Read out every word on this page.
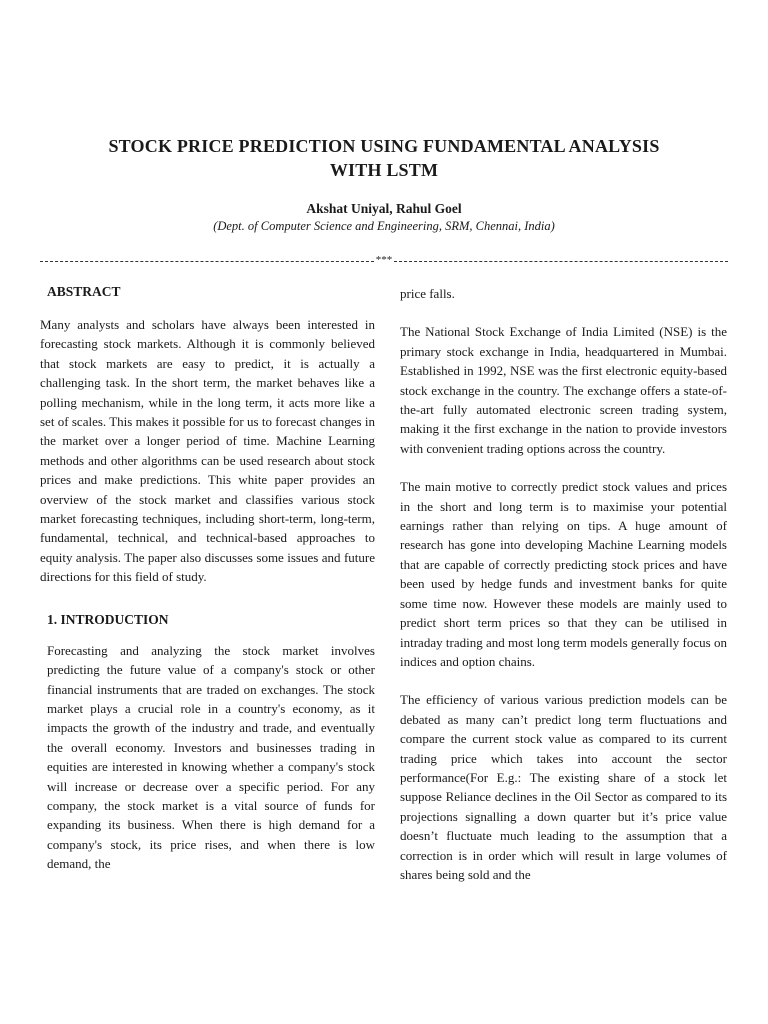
STOCK PRICE PREDICTION USING FUNDAMENTAL ANALYSIS
WITH LSTM

Akshat Uniyal, Rahul Goel

(Dept. of Computer Science and Engineering, SRM, Chennai, India)

***
ABSTRACT

Many analysts and scholars have always been interested in forecasting stock markets. Although it is commonly believed that stock markets are easy to predict, it is actually a challenging task. In the short term, the market behaves like a polling mechanism, while in the long term, it acts more like a set of scales. This makes it possible for us to forecast changes in the market over a longer period of time. Machine Learning methods and other algorithms can be used research about stock prices and make predictions. This white paper provides an overview of the stock market and classifies various stock market forecasting techniques, including short-term, long-term, fundamental, technical, and technical-based approaches to equity analysis. The paper also discusses some issues and future directions for this field of study.

1. INTRODUCTION

Forecasting and analyzing the stock market involves predicting the future value of a company's stock or other financial instruments that are traded on exchanges. The stock market plays a crucial role in a country's economy, as it impacts the growth of the industry and trade, and eventually the overall economy. Investors and businesses trading in equities are interested in knowing whether a company's stock will increase or decrease over a specific period. For any company, the stock market is a vital source of funds for expanding its business. When there is high demand for a company's stock, its price rises, and when there is low demand, the

price falls.

The National Stock Exchange of India Limited (NSE) is the primary stock exchange in India, headquartered in Mumbai. Established in 1992, NSE was the first electronic equity-based stock exchange in the country. The exchange offers a state-of-the-art fully automated electronic screen trading system, making it the first exchange in the nation to provide investors with convenient trading options across the country.

The main motive to correctly predict stock values and prices in the short and long term is to maximise your potential earnings rather than relying on tips. A huge amount of research has gone into developing Machine Learning models that are capable of correctly predicting stock prices and have been used by hedge funds and investment banks for quite some time now. However these models are mainly used to predict short term prices so that they can be utilised in intraday trading and most long term models generally focus on indices and option chains.

The efficiency of various various prediction models can be debated as many can’t predict long term fluctuations and compare the current stock value as compared to its current trading price which takes into account the sector performance(For E.g.: The existing share of a stock let suppose Reliance declines in the Oil Sector as compared to its projections signalling a down quarter but it’s price value doesn’t fluctuate much leading to the assumption that a correction is in order which will result in large volumes of shares being sold and the
